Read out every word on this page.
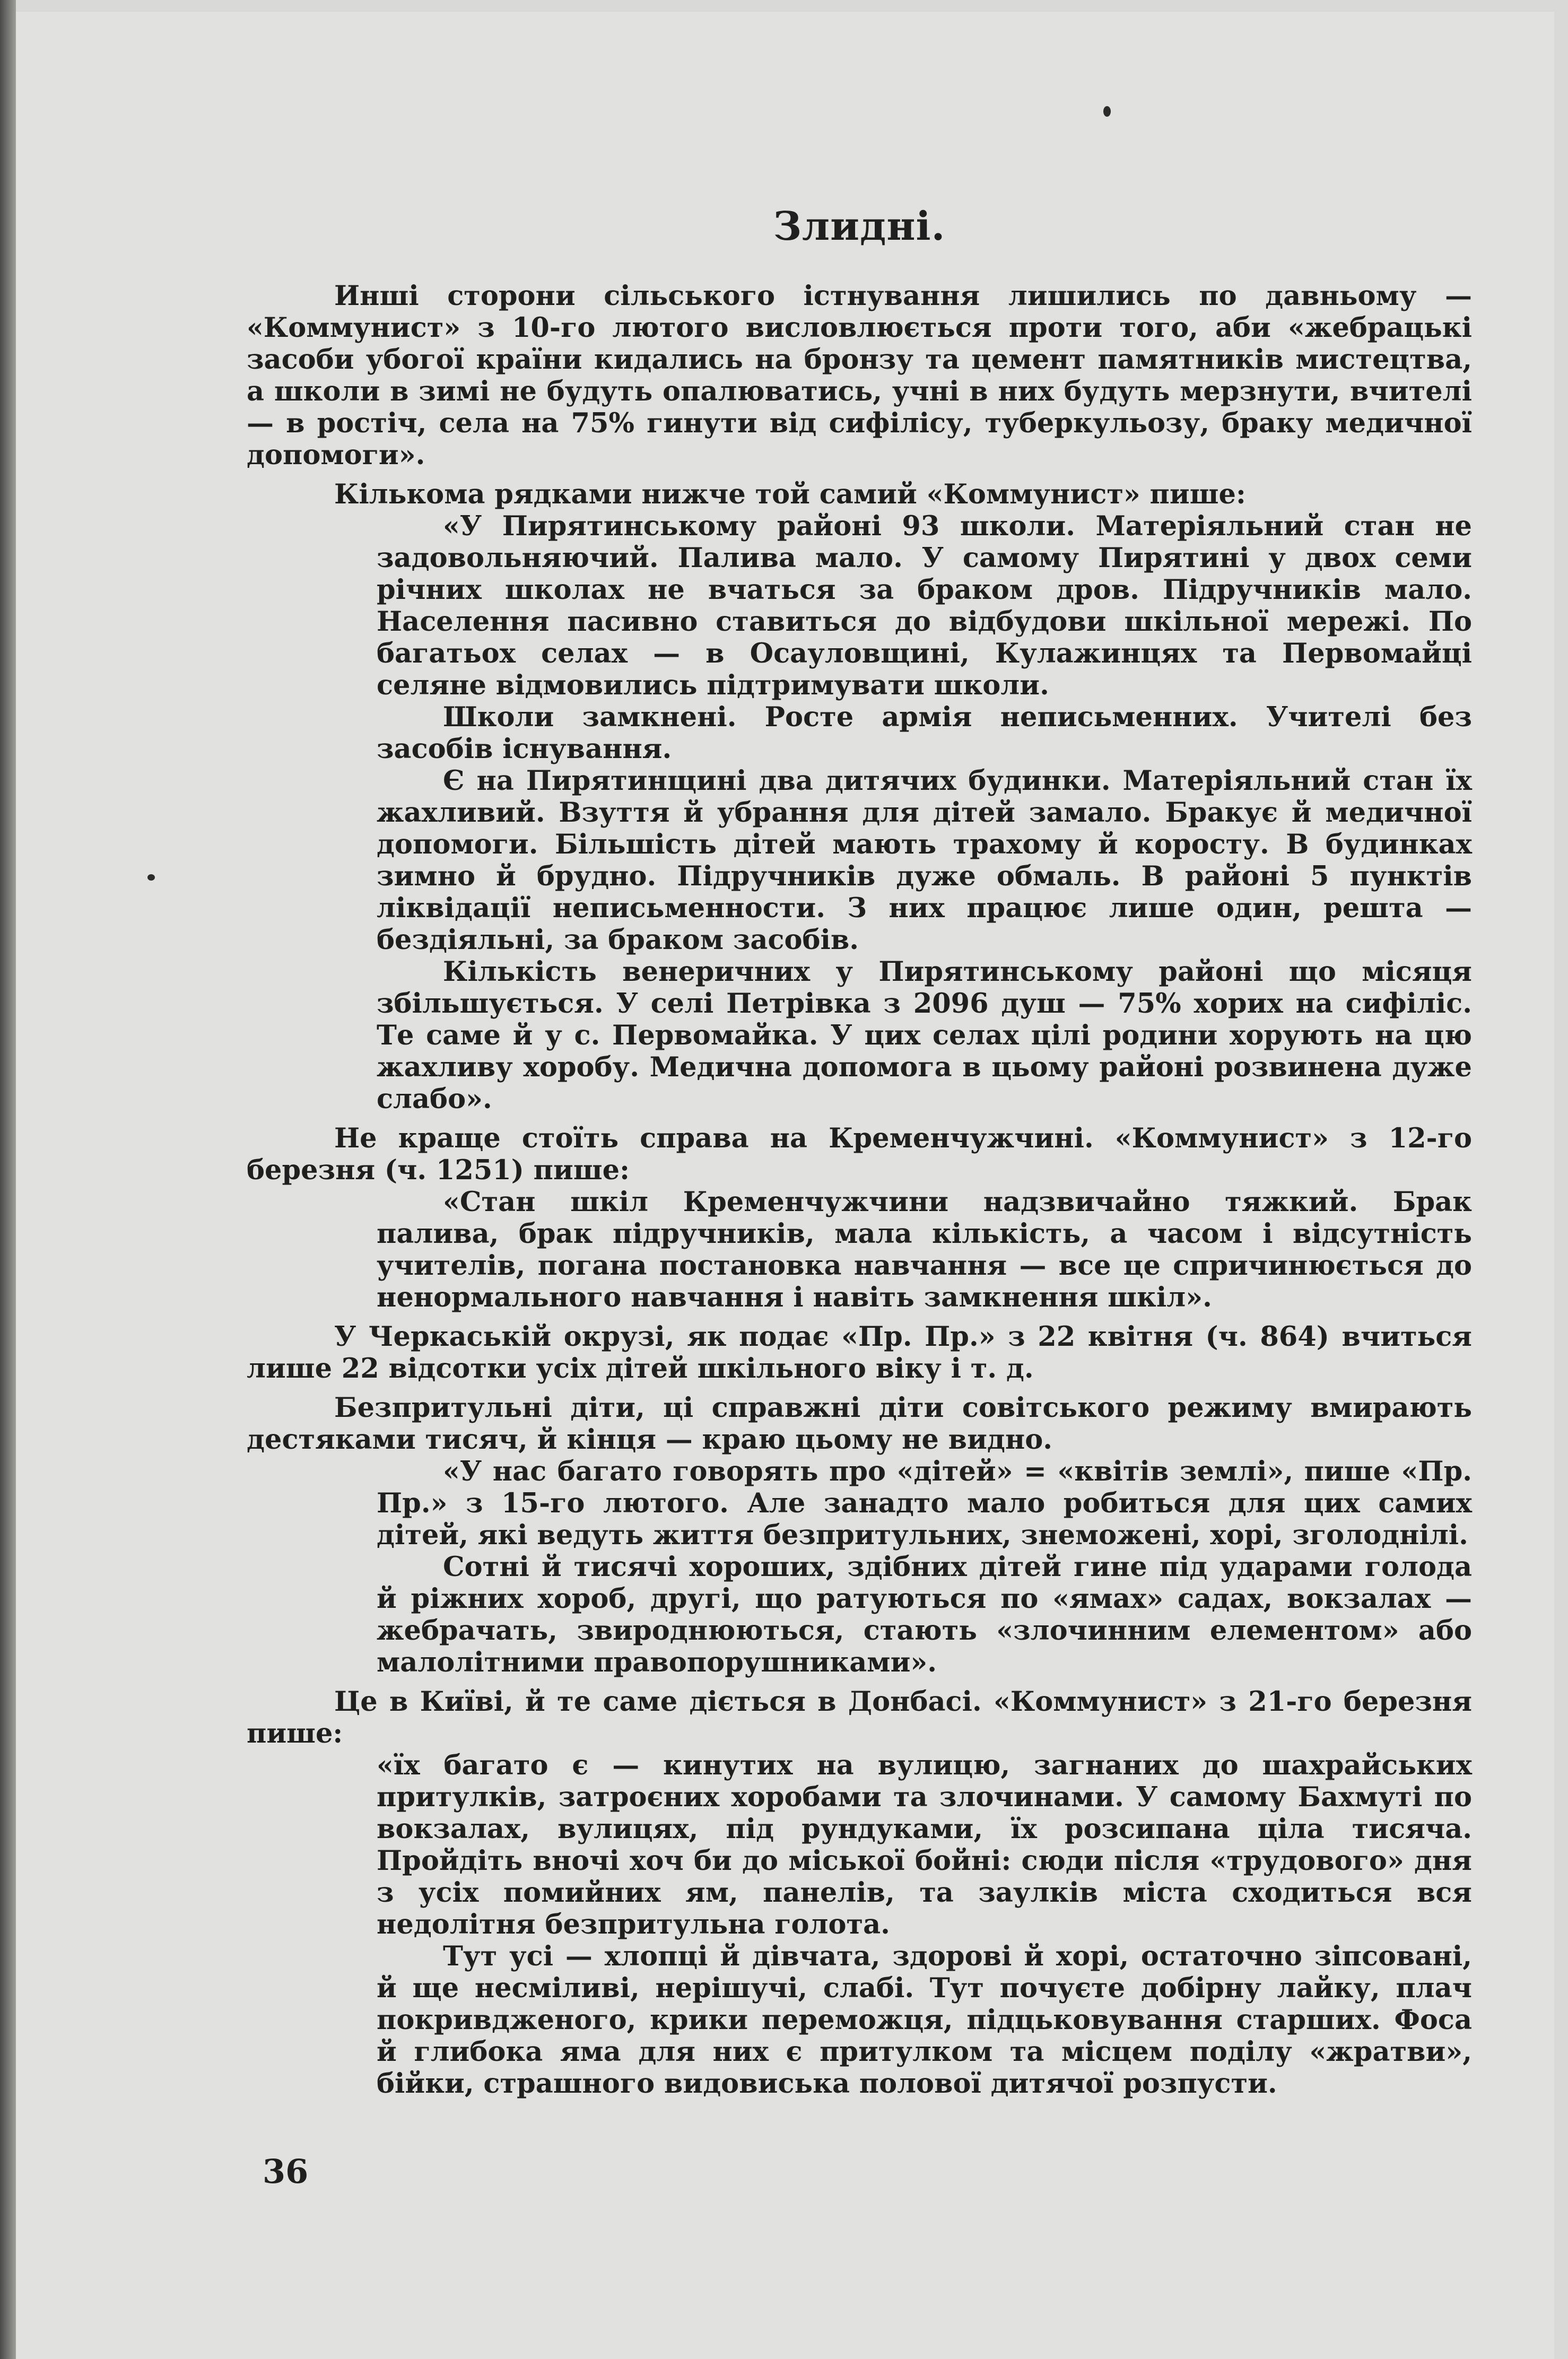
Злидні.

Инші сторони сільського істнування лишились по давньому — «Коммунист» з 10-го лютого висловлюється проти того, аби «жебрацькі засоби убогої країни кидались на бронзу та цемент памятників мистецтва, а школи в зимі не будуть опалюватись, учні в них будуть мерзнути, вчителі — в ростіч, села на 75% гинути від сифілісу, туберкульозу, браку медичної допомоги».

Кількома рядками нижче той самий «Коммунист» пише:

«У Пирятинському районі 93 школи. Матеріяльний стан не задовольняючий. Палива мало. У самому Пирятині у двох семи річних школах не вчаться за браком дров. Підручників мало. Населення пасивно ставиться до відбудови шкільної мережі. По багатьох селах — в Осауловщині, Кулажинцях та Первомайці селяне відмовились підтримувати школи.

Школи замкнені. Росте армія неписьменних. Учителі без засобів існування.

Є на Пирятинщині два дитячих будинки. Матеріяльний стан їх жахливий. Взуття й убрання для дітей замало. Бракує й медичної допомоги. Більшість дітей мають трахому й коросту. В будинках зимно й брудно. Підручників дуже обмаль. В районі 5 пунктів ліквідації неписьменности. З них працює лише один, решта — бездіяльні, за браком засобів.

Кількість венеричних у Пирятинському районі що місяця збільшується. У селі Петрівка з 2096 душ — 75% хорих на сифіліс. Те саме й у с. Первомайка. У цих селах цілі родини хорують на цю жахливу хоробу. Медична допомога в цьому районі розвинена дуже слабо».

Не краще стоїть справа на Кременчужчині. «Коммунист» з 12-го березня (ч. 1251) пише:

«Стан шкіл Кременчужчини надзвичайно тяжкий. Брак палива, брак підручників, мала кількість, а часом і відсутність учителів, погана постановка навчання — все це спричинюється до ненормального навчання і навіть замкнення шкіл».

У Черкаській окрузі, як подає «Пр. Пр.» з 22 квітня (ч. 864) вчиться лише 22 відсотки усіх дітей шкільного віку і т. д.

Безпритульні діти, ці справжні діти совітського режиму вмирають дестяками тисяч, й кінця — краю цьому не видно.

«У нас багато говорять про «дітей» = «квітів землі», пише «Пр. Пр.» з 15-го лютого. Але занадто мало робиться для цих самих дітей, які ведуть життя безпритульних, знеможені, хорі, зголоднілі.

Сотні й тисячі хороших, здібних дітей гине під ударами голода й ріжних хороб, другі, що ратуються по «ямах» садах, вокзалах — жебрачать, звироднюються, стають «злочинним елементом» або малолітними правопорушниками».

Це в Київі, й те саме діється в Донбасі. «Коммунист» з 21-го березня пише:

«їх багато є — кинутих на вулицю, загнаних до шахрайських притулків, затроєних хоробами та злочинами. У самому Бахмуті по вокзалах, вулицях, під рундуками, їх розсипана ціла тисяча. Пройдіть вночі хоч би до міської бойні: сюди після «трудового» дня з усіх помийних ям, панелів, та заулків міста сходиться вся недолітня безпритульна голота.

Тут усі — хлопці й дівчата, здорові й хорі, остаточно зіпсовані, й ще несміливі, нерішучі, слабі. Тут почуєте добірну лайку, плач покривдженого, крики переможця, підцьковування старших. Фоса й глибока яма для них є притулком та місцем поділу «жратви», бійки, страшного видовиська полової дитячої розпусти.

36
